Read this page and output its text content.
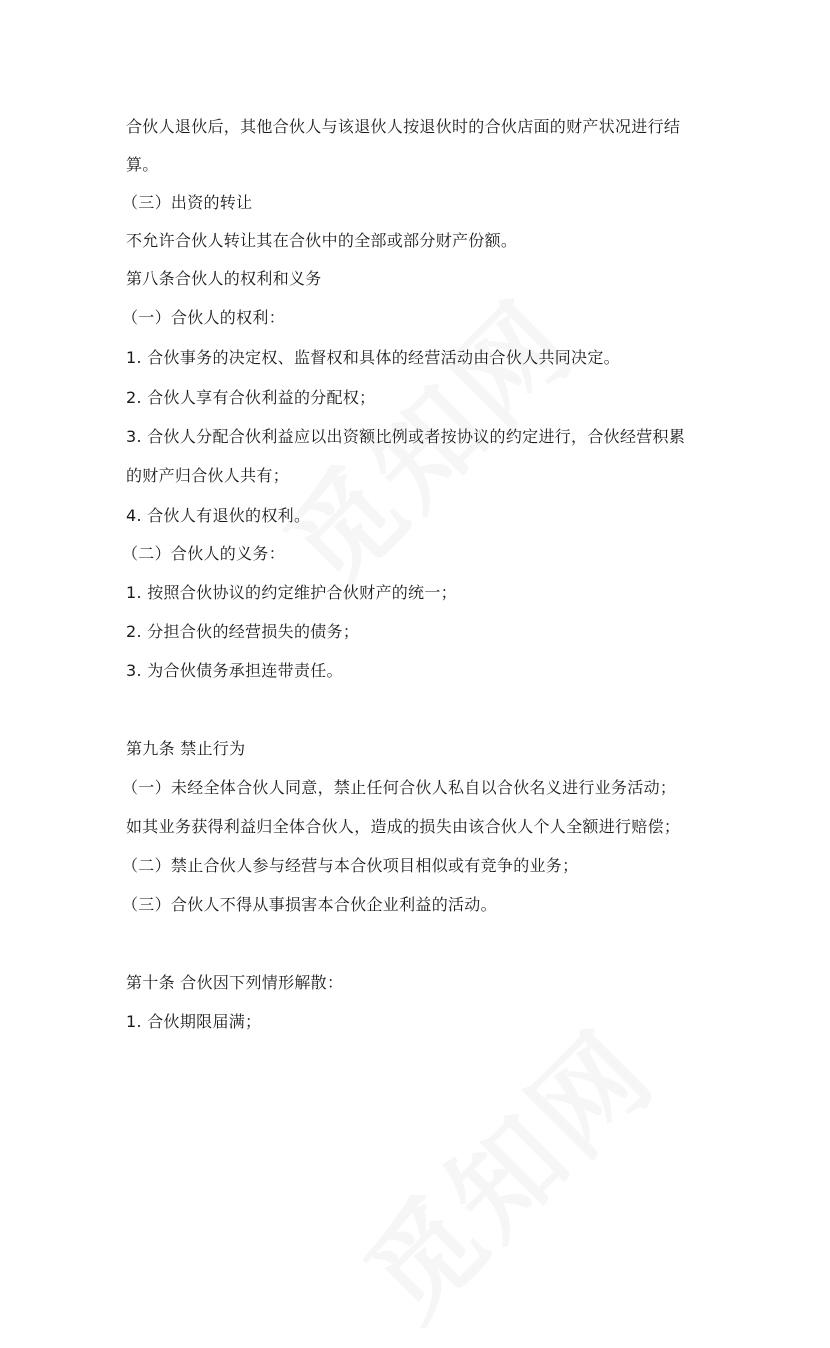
合伙人退伙后，其他合伙人与该退伙人按退伙时的合伙店面的财产状况进行结
算。
（三）出资的转让
不允许合伙人转让其在合伙中的全部或部分财产份额。
第八条合伙人的权利和义务
（一）合伙人的权利：
1. 合伙事务的决定权、监督权和具体的经营活动由合伙人共同决定。
2. 合伙人享有合伙利益的分配权；
3. 合伙人分配合伙利益应以出资额比例或者按协议的约定进行，合伙经营积累
的财产归合伙人共有；
4. 合伙人有退伙的权利。
（二）合伙人的义务：
1. 按照合伙协议的约定维护合伙财产的统一；
2. 分担合伙的经营损失的债务；
3. 为合伙债务承担连带责任。
第九条 禁止行为
（一）未经全体合伙人同意，禁止任何合伙人私自以合伙名义进行业务活动；
如其业务获得利益归全体合伙人，造成的损失由该合伙人个人全额进行赔偿；
（二）禁止合伙人参与经营与本合伙项目相似或有竞争的业务；
（三）合伙人不得从事损害本合伙企业利益的活动。
第十条 合伙因下列情形解散：
1. 合伙期限届满；
